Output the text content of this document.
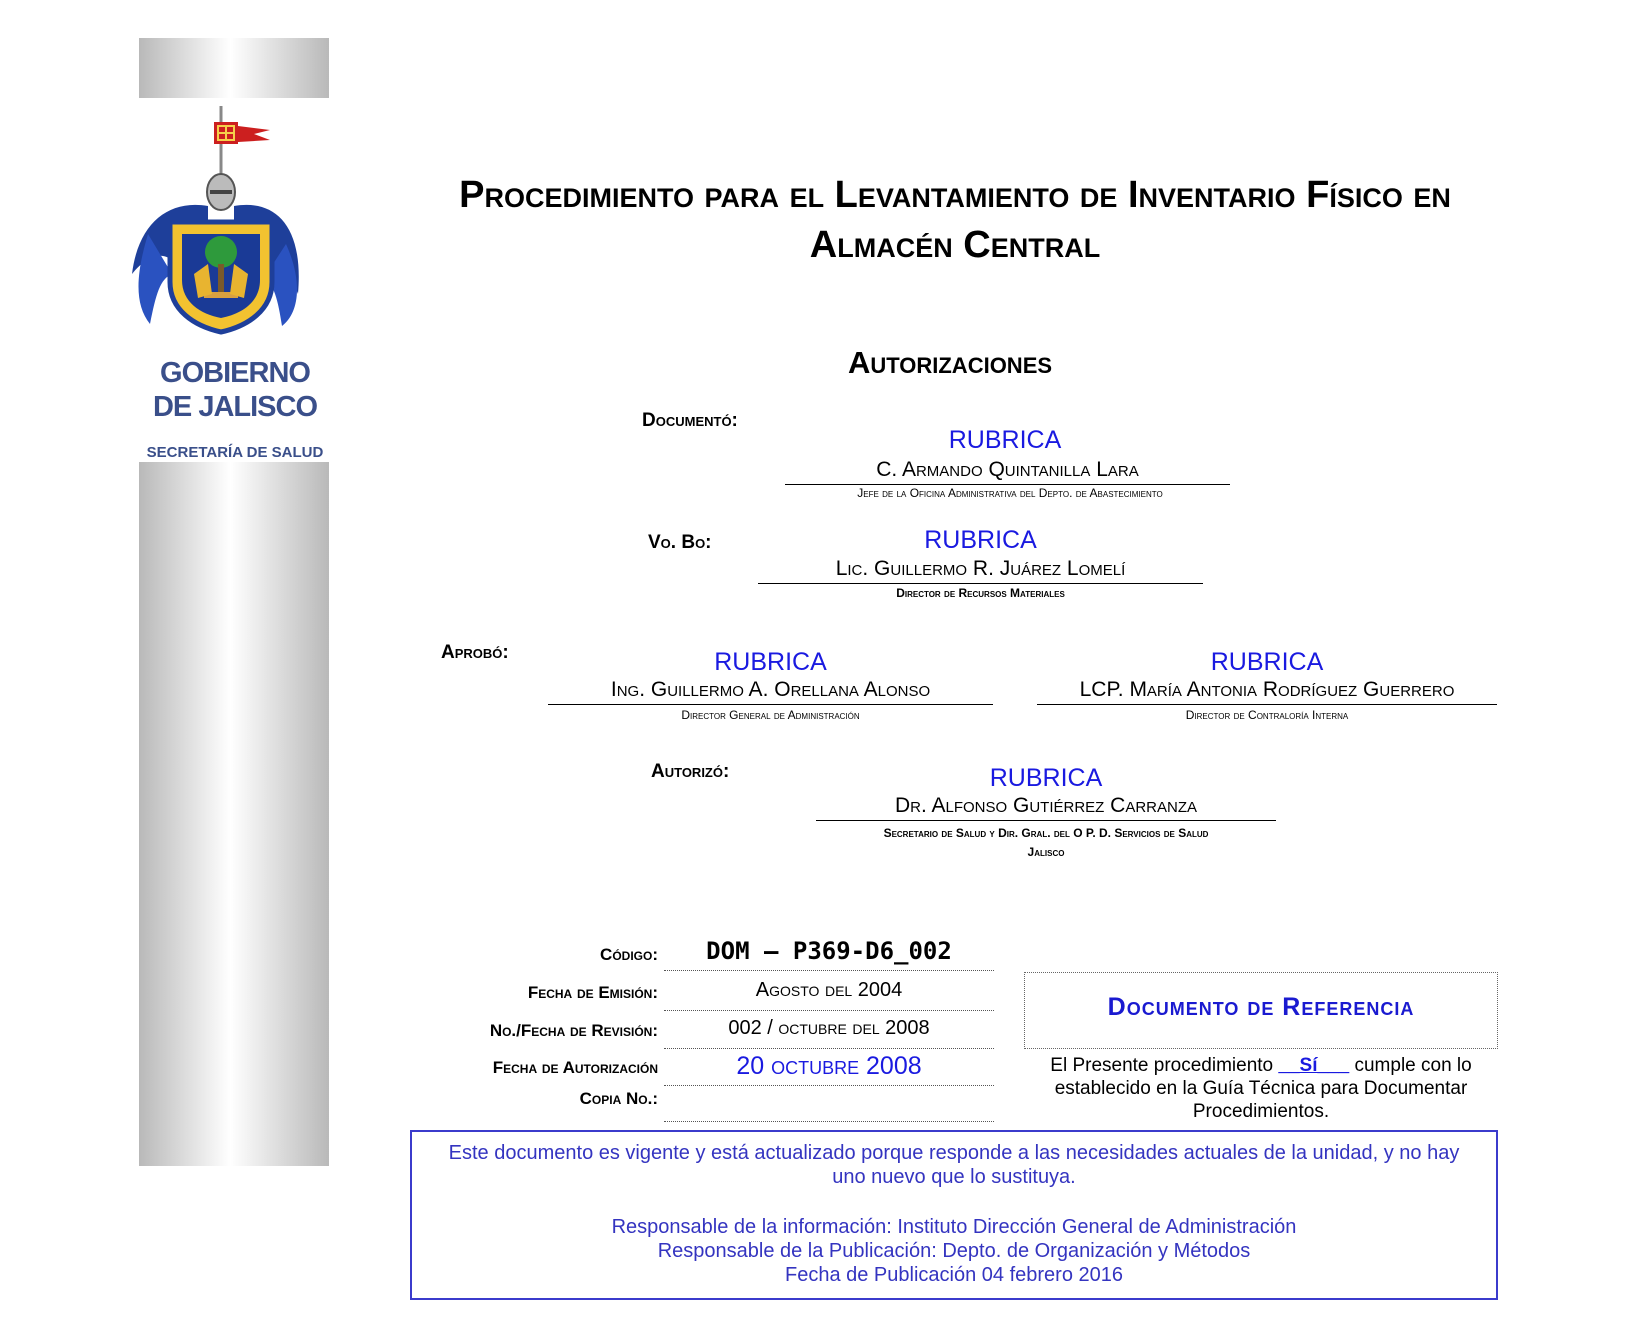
GOBIERNO
DE JALISCO
SECRETARÍA DE SALUD
Procedimiento para el Levantamiento de Inventario Físico en
Almacén Central
Autorizaciones
Documentó:
RUBRICA
C. Armando Quintanilla Lara
Jefe de la Oficina Administrativa del Depto. de Abastecimiento
Vo. Bo:	RUBRICA
Lic. Guillermo R. Juárez Lomelí
Director de Recursos Materiales
Aprobó:	RUBRICA
Ing. Guillermo A. Orellana Alonso
Director General de Administración
RUBRICA
LCP. María Antonia Rodríguez Guerrero
Director de Contraloría Interna
Autorizó:	RUBRICA
Dr. Alfonso Gutiérrez Carranza
Secretario de Salud y Dir. Gral. del O P. D. Servicios de Salud
Jalisco
Código:	DOM – P369-D6_002
Fecha de Emisión:	Agosto del 2004
No./Fecha de Revisión:	002 / octubre del 2008
Fecha de Autorización	20 octubre 2008
Copia No.:
Documento de Referencia
El Presente procedimiento __Sí___ cumple con lo establecido en la Guía Técnica para Documentar Procedimientos.

Este documento es vigente y está actualizado porque responde a las necesidades actuales de la unidad, y no hay uno nuevo que lo sustituya.

Responsable de la información: Instituto Dirección General de Administración

Responsable de la Publicación: Depto. de Organización y Métodos

Fecha de Publicación 04 febrero 2016
